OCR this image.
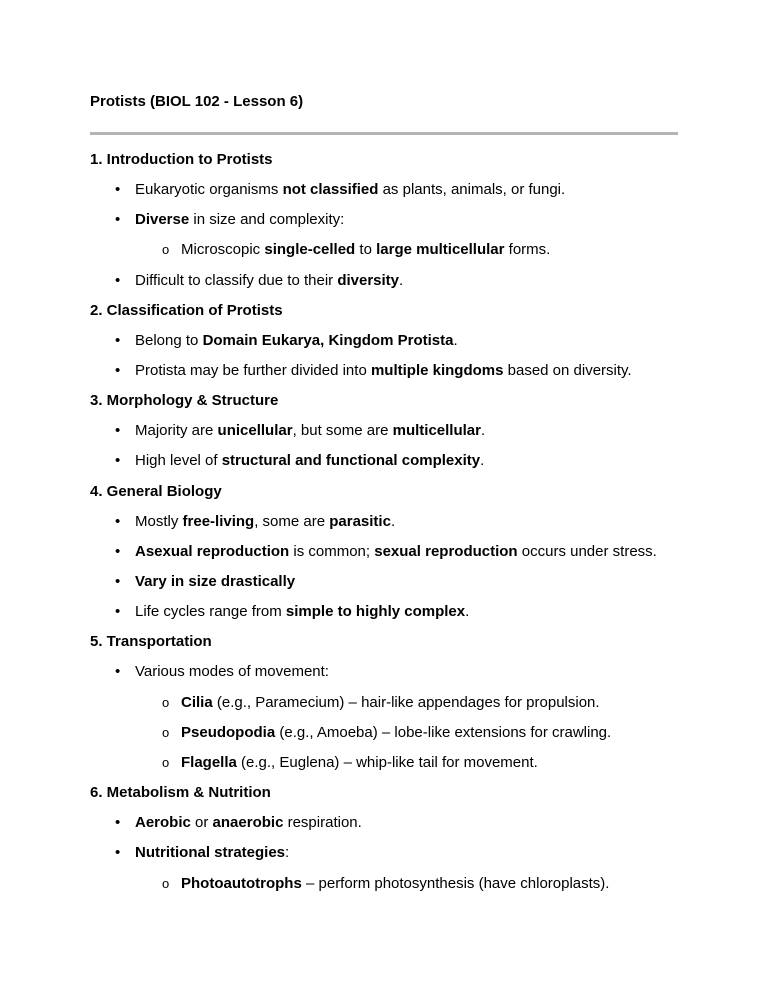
Protists (BIOL 102 - Lesson 6)
1. Introduction to Protists
• Eukaryotic organisms not classified as plants, animals, or fungi.
• Diverse in size and complexity:
o Microscopic single-celled to large multicellular forms.
• Difficult to classify due to their diversity.
2. Classification of Protists
• Belong to Domain Eukarya, Kingdom Protista.
• Protista may be further divided into multiple kingdoms based on diversity.
3. Morphology & Structure
• Majority are unicellular, but some are multicellular.
• High level of structural and functional complexity.
4. General Biology
• Mostly free-living, some are parasitic.
• Asexual reproduction is common; sexual reproduction occurs under stress.
• Vary in size drastically
• Life cycles range from simple to highly complex.
5. Transportation
• Various modes of movement:
o Cilia (e.g., Paramecium) – hair-like appendages for propulsion.
o Pseudopodia (e.g., Amoeba) – lobe-like extensions for crawling.
o Flagella (e.g., Euglena) – whip-like tail for movement.
6. Metabolism & Nutrition
• Aerobic or anaerobic respiration.
• Nutritional strategies:
o Photoautotrophs – perform photosynthesis (have chloroplasts).
